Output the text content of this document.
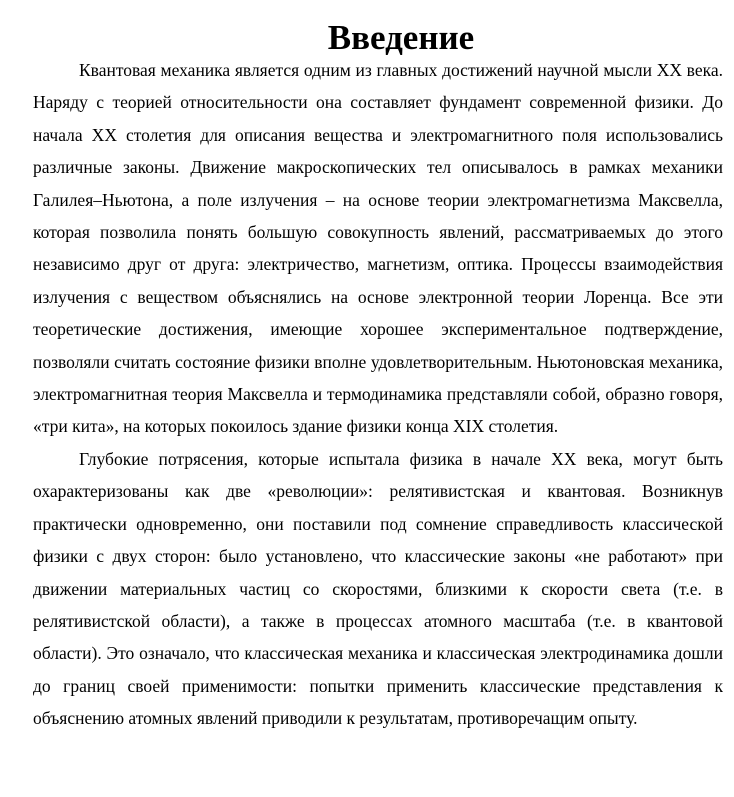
Введение

Квантовая механика является одним из главных достижений научной мысли XX века. Наряду с теорией относительности она составляет фундамент современной физики. До начала XX столетия для описания вещества и электромагнитного поля использовались различные законы. Движение макроскопических тел описывалось в рамках механики Галилея–Ньютона, а поле излучения – на основе теории электромагнетизма Максвелла, которая позволила понять большую совокупность явлений, рассматриваемых до этого независимо друг от друга: электричество, магнетизм, оптика. Процессы взаимодействия излучения с веществом объяснялись на основе электронной теории Лоренца. Все эти теоретические достижения, имеющие хорошее экспериментальное подтверждение, позволяли считать состояние физики вполне удовлетворительным. Ньютоновская механика, электромагнитная теория Максвелла и термодинамика представляли собой, образно говоря, «три кита», на которых покоилось здание физики конца XIX столетия.

Глубокие потрясения, которые испытала физика в начале XX века, могут быть охарактеризованы как две «революции»: релятивистская и квантовая. Возникнув практически одновременно, они поставили под сомнение справедливость классической физики с двух сторон: было установлено, что классические законы «не работают» при движении материальных частиц со скоростями, близкими к скорости света (т.е. в релятивистской области), а также в процессах атомного масштаба (т.е. в квантовой области). Это означало, что классическая механика и классическая электродинамика дошли до границ своей применимости: попытки применить классические представления к объяснению атомных явлений приводили к результатам, противоречащим опыту.
